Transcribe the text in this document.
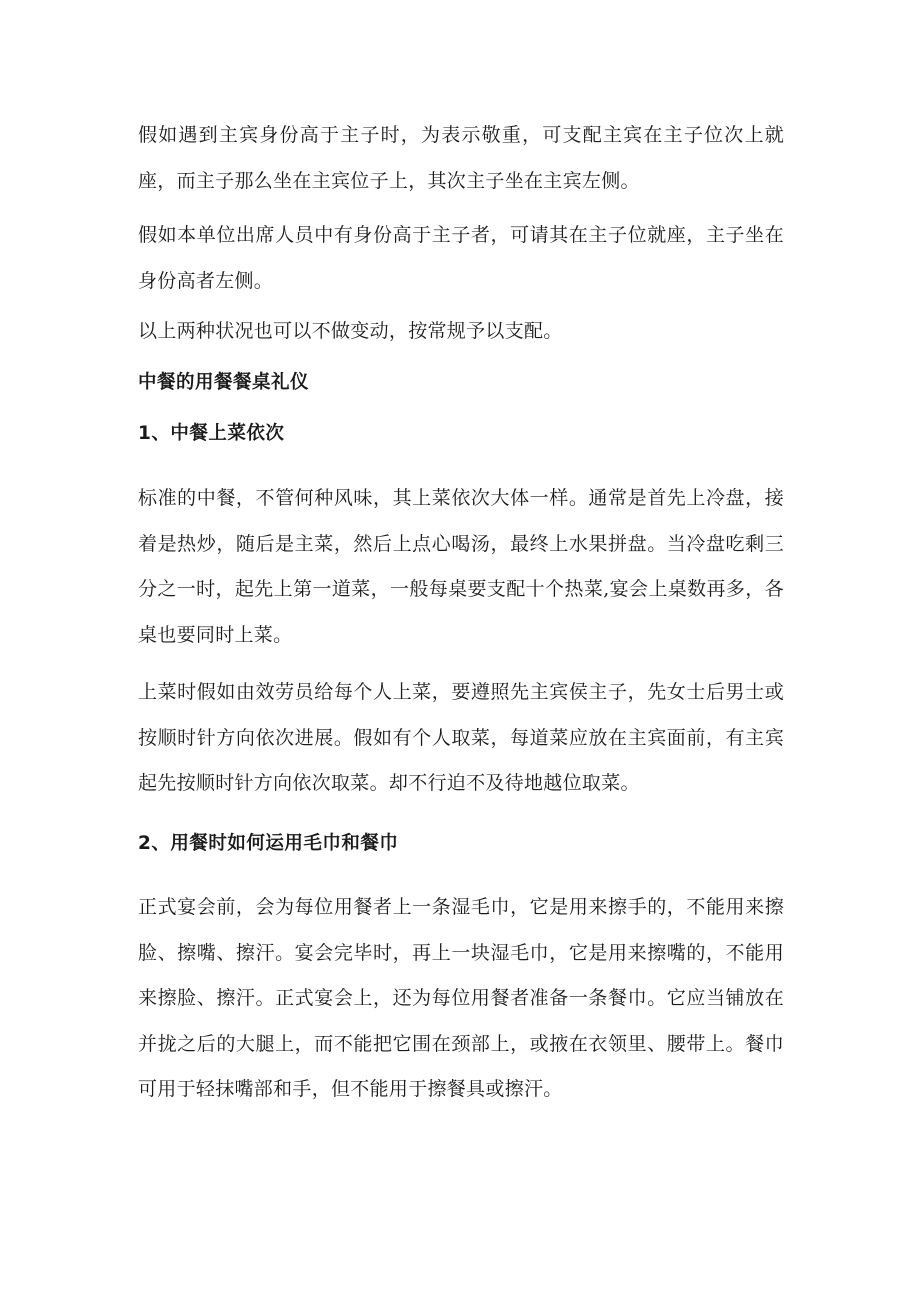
假如遇到主宾身份高于主子时，为表示敬重，可支配主宾在主子位次上就座，而主子那么坐在主宾位子上，其次主子坐在主宾左侧。

假如本单位出席人员中有身份高于主子者，可请其在主子位就座，主子坐在身份高者左侧。

以上两种状况也可以不做变动，按常规予以支配。

中餐的用餐餐桌礼仪
1、中餐上菜依次

标准的中餐，不管何种风味，其上菜依次大体一样。通常是首先上冷盘，接着是热炒，随后是主菜，然后上点心喝汤，最终上水果拼盘。当冷盘吃剩三分之一时，起先上第一道菜，一般每桌要支配十个热菜,宴会上桌数再多，各桌也要同时上菜。

上菜时假如由效劳员给每个人上菜，要遵照先主宾侯主子，先女士后男士或按顺时针方向依次进展。假如有个人取菜，每道菜应放在主宾面前，有主宾起先按顺时针方向依次取菜。却不行迫不及待地越位取菜。

2、用餐时如何运用毛巾和餐巾

正式宴会前，会为每位用餐者上一条湿毛巾，它是用来擦手的，不能用来擦脸、擦嘴、擦汗。宴会完毕时，再上一块湿毛巾，它是用来擦嘴的，不能用来擦脸、擦汗。正式宴会上，还为每位用餐者准备一条餐巾。它应当铺放在并拢之后的大腿上，而不能把它围在颈部上，或掖在衣领里、腰带上。餐巾可用于轻抹嘴部和手，但不能用于擦餐具或擦汗。
